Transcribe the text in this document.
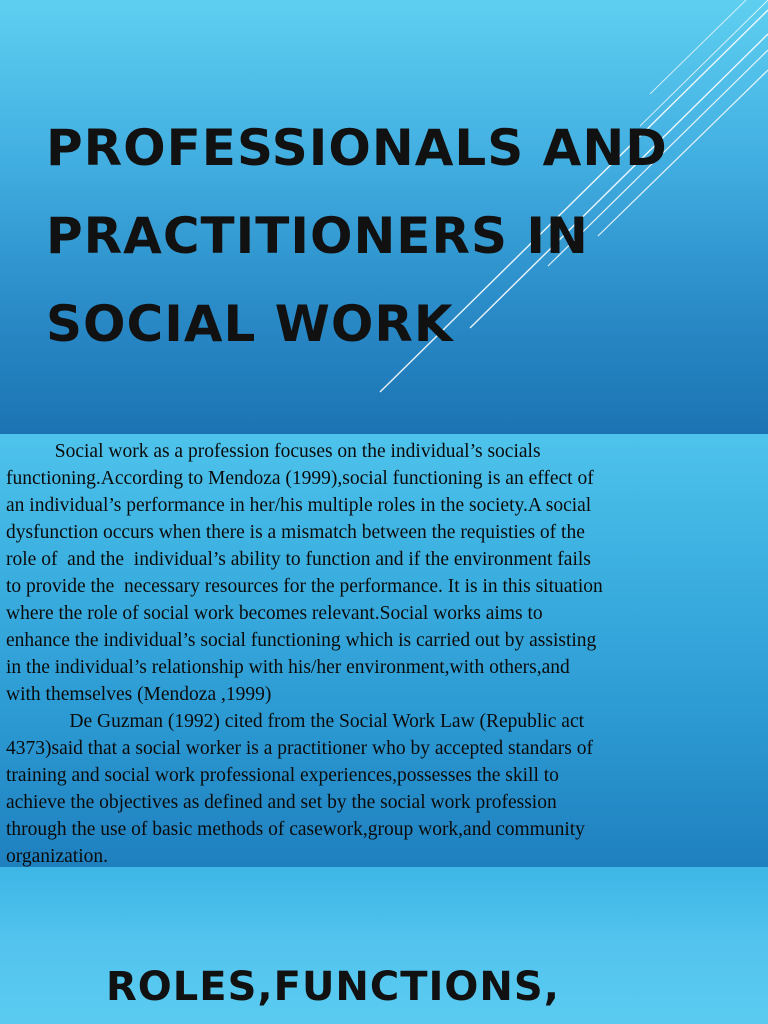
PROFESSIONALS AND
PRACTITIONERS IN
SOCIAL WORK

Social work as a profession focuses on the individual’s socials
functioning.According to Mendoza (1999),social functioning is an effect of
an individual’s performance in her/his multiple roles in the society.A social
dysfunction occurs when there is a mismatch between the requisties of the
role of  and the  individual’s ability to function and if the environment fails
to provide the  necessary resources for the performance. It is in this situation
where the role of social work becomes relevant.Social works aims to
enhance the individual’s social functioning which is carried out by assisting
in the individual’s relationship with his/her environment,with others,and
with themselves (Mendoza ,1999)
De Guzman (1992) cited from the Social Work Law (Republic act
4373)said that a social worker is a practitioner who by accepted standars of
training and social work professional experiences,possesses the skill to
achieve the objectives as defined and set by the social work profession
through the use of basic methods of casework,group work,and community
organization.

ROLES,FUNCTIONS,
